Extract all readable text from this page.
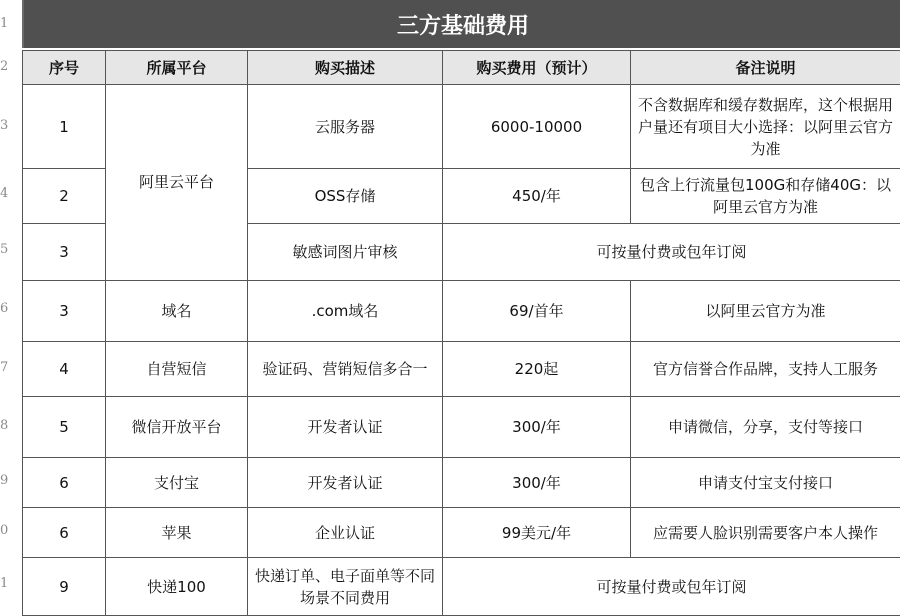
1
2
3
4
5
6
7
8
9
0
1
三方基础费用
序号	所属平台	购买描述	购买费用（预计）	备注说明
1	阿里云平台	云服务器	6000-10000	不含数据库和缓存数据库，这个根据用户量还有项目大小选择：以阿里云官方为准
2		OSS存储	450/年	包含上行流量包100G和存储40G：以阿里云官方为准
3		敏感词图片审核	可按量付费或包年订阅	
3	域名	.com域名	69/首年	以阿里云官方为准
4	自营短信	验证码、营销短信多合一	220起	官方信誉合作品牌，支持人工服务
5	微信开放平台	开发者认证	300/年	申请微信，分享，支付等接口
6	支付宝	开发者认证	300/年	申请支付宝支付接口
6	苹果	企业认证	99美元/年	应需要人脸识别需要客户本人操作
9	快递100	快递订单、电子面单等不同场景不同费用	可按量付费或包年订阅	
